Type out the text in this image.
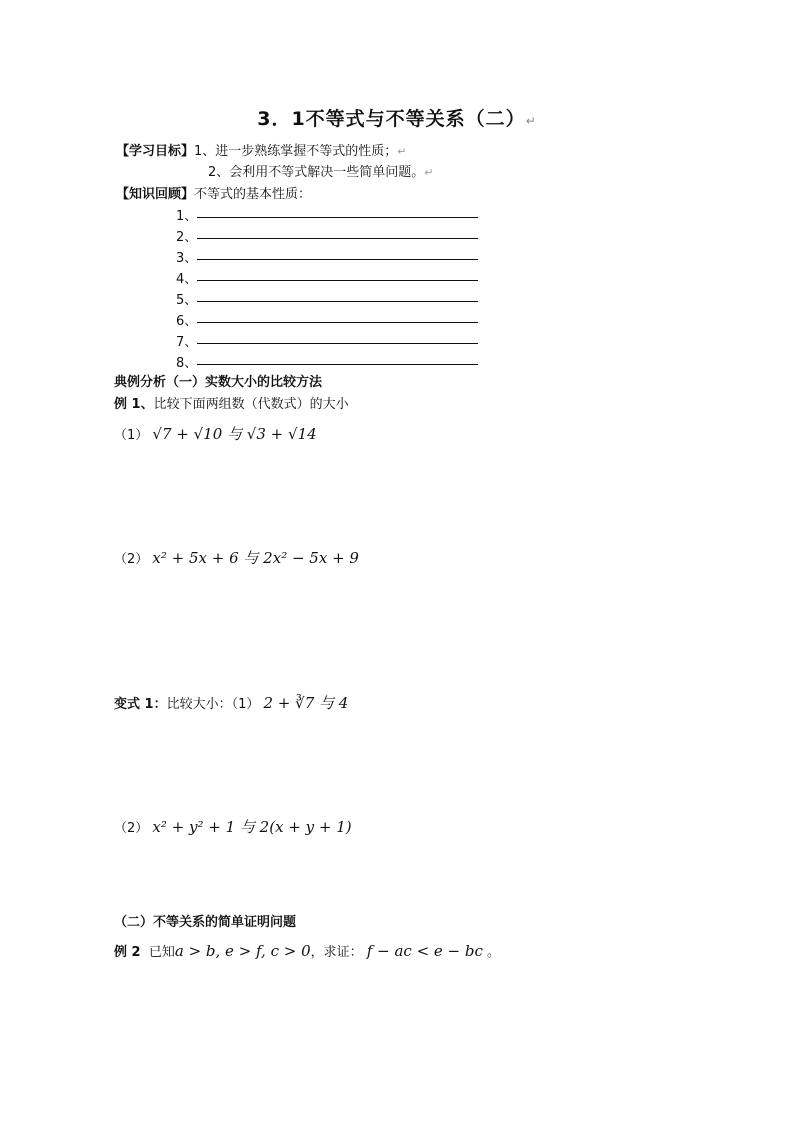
3．1不等式与不等关系（二）↵
【学习目标】1、进一步熟练掌握不等式的性质；↵
2、会利用不等式解决一些简单问题。↵
【知识回顾】不等式的基本性质：
1、
2、
3、
4、
5、
6、
7、
8、
典例分析（一）实数大小的比较方法
例 1、比较下面两组数（代数式）的大小
（1） √7 + √10 与 √3 + √14
（2） x² + 5x + 6 与 2x² − 5x + 9
变式 1：比较大小：（1） 2 + ∛7 与 4
（2） x² + y² + 1 与 2(x + y + 1)
（二）不等关系的简单证明问题
例 2 已知a > b, e > f, c > 0，求证： f − ac < e − bc 。
